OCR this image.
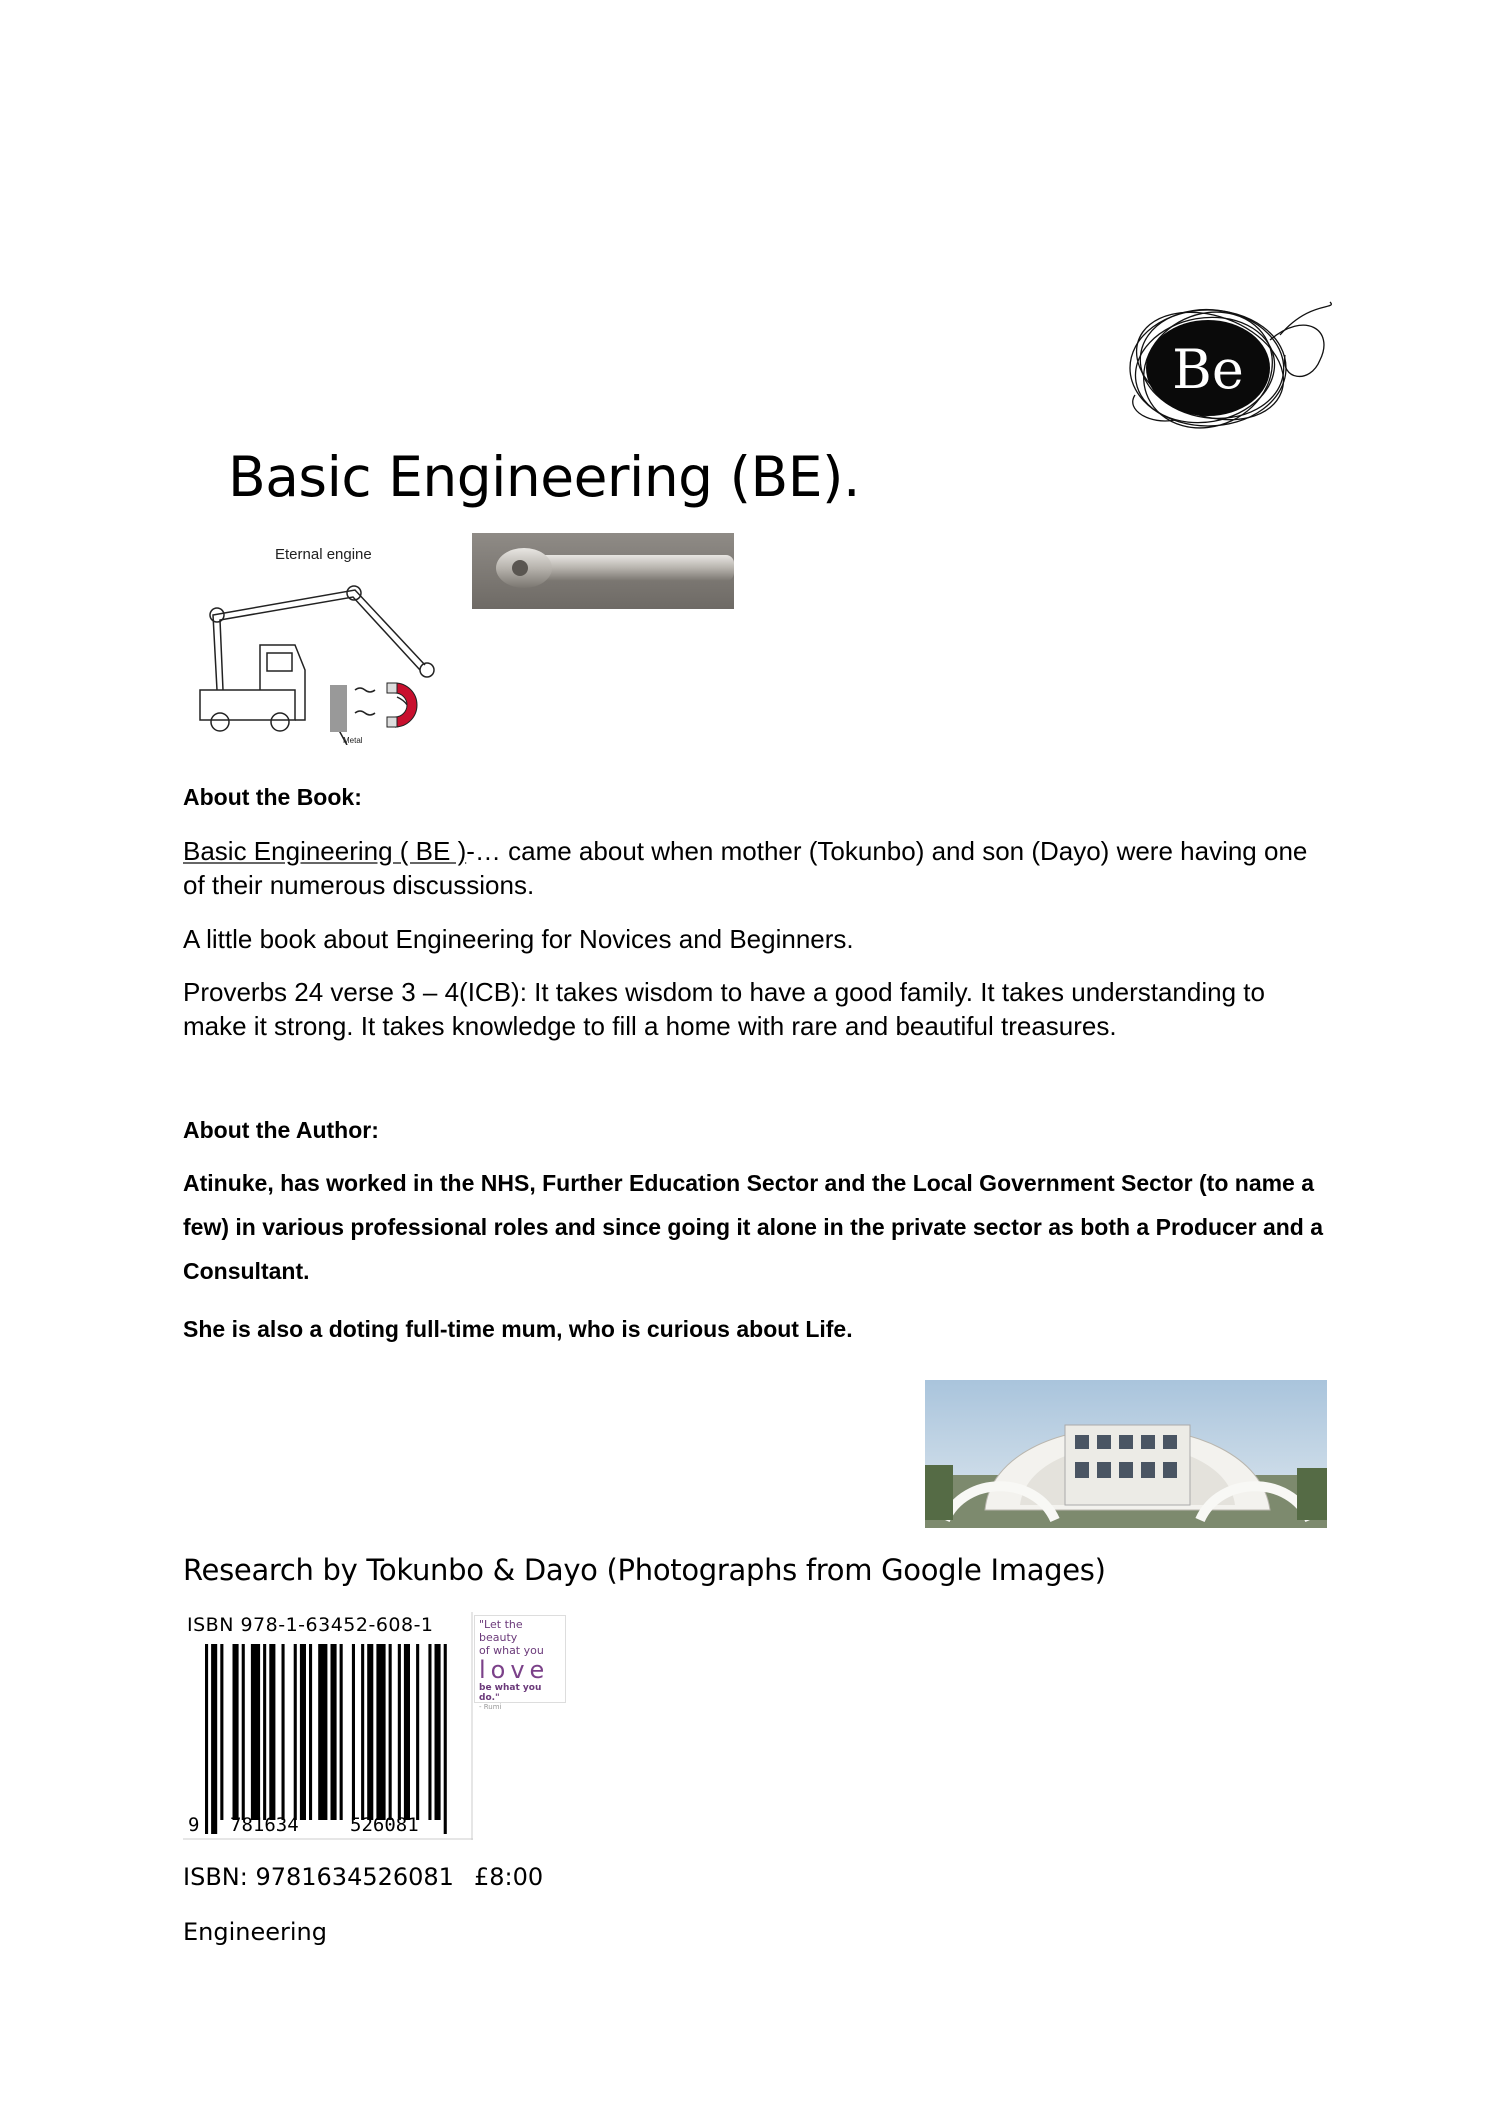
Be
Basic Engineering (BE).
Eternal engine
Metal
About the Book:
Basic Engineering ( BE )-… came about when mother (Tokunbo) and son (Dayo) were having one of their numerous discussions.
A little book about Engineering for Novices and Beginners.
Proverbs 24 verse 3 – 4(ICB): It takes wisdom to have a good family. It takes understanding to make it strong. It takes knowledge to fill a home with rare and beautiful treasures.
About the Author:
Atinuke, has worked in the NHS, Further Education Sector and the Local Government Sector (to name a few) in various professional roles and since going it alone in the private sector as both a Producer and a Consultant.
She is also a doting full-time mum, who is curious about Life.
Research by Tokunbo & Dayo (Photographs from Google Images)
ISBN 978-1-63452-608-1
9 781634	526081
"Let the beauty
of what you
love
be what you do."
- Rumi
ISBN: 9781634526081 £8:00
Engineering
